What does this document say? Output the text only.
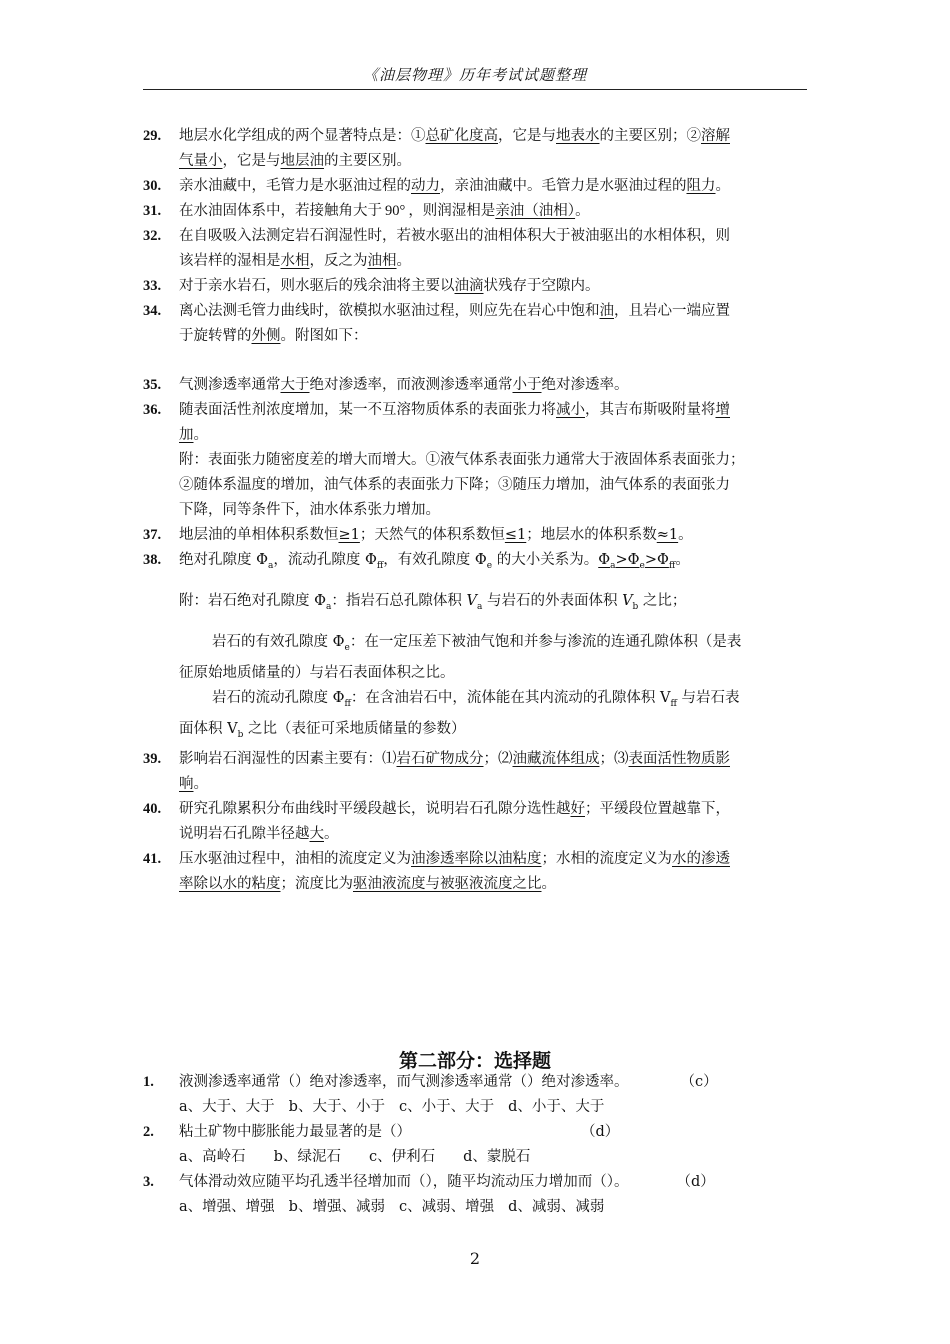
《油层物理》历年考试试题整理
29. 地层水化学组成的两个显著特点是：①总矿化度高，它是与地表水的主要区别；②溶解
气量小，它是与地层油的主要区别。
30. 亲水油藏中，毛管力是水驱油过程的动力，亲油油藏中。毛管力是水驱油过程的阻力。
31. 在水油固体系中，若接触角大于 90° ，则润湿相是亲油（油相）。
32. 在自吸吸入法测定岩石润湿性时，若被水驱出的油相体积大于被油驱出的水相体积，则
该岩样的湿相是水相，反之为油相。
33. 对于亲水岩石，则水驱后的残余油将主要以油滴状残存于空隙内。
34. 离心法测毛管力曲线时，欲模拟水驱油过程，则应先在岩心中饱和油，且岩心一端应置
于旋转臂的外侧。附图如下：
35. 气测渗透率通常大于绝对渗透率，而液测渗透率通常小于绝对渗透率。
36. 随表面活性剂浓度增加，某一不互溶物质体系的表面张力将减小，其吉布斯吸附量将增
加。
附：表面张力随密度差的增大而增大。①液气体系表面张力通常大于液固体系表面张力；
②随体系温度的增加，油气体系的表面张力下降；③随压力增加，油气体系的表面张力
下降，同等条件下，油水体系张力增加。
37. 地层油的单相体积系数恒≥1；天然气的体积系数恒≤1；地层水的体积系数≈1。
38. 绝对孔隙度 $\Phi_a$，流动孔隙度 $\Phi_{ff}$，有效孔隙度 $\Phi_e$ 的大小关系为。$\Phi_a>\Phi_e>\Phi_{ff}$。
附：岩石绝对孔隙度 $\Phi_a$：指岩石总孔隙体积 $V_a$ 与岩石的外表面体积 $V_b$ 之比；
岩石的有效孔隙度 $\Phi_e$：在一定压差下被油气饱和并参与渗流的连通孔隙体积（是表
征原始地质储量的）与岩石表面体积之比。
岩石的流动孔隙度 $\Phi_{ff}$：在含油岩石中，流体能在其内流动的孔隙体积 $V_{ff}$ 与岩石表
面体积 $V_b$ 之比（表征可采地质储量的参数）
39. 影响岩石润湿性的因素主要有：⑴岩石矿物成分；⑵油藏流体组成；⑶表面活性物质影
响。
40. 研究孔隙累积分布曲线时平缓段越长，说明岩石孔隙分选性越好；平缓段位置越靠下，
说明岩石孔隙半径越大。
41. 压水驱油过程中，油相的流度定义为油渗透率除以油粘度；水相的流度定义为水的渗透
率除以水的粘度；流度比为驱油液流度与被驱液流度之比。
第二部分：选择题
1. 液测渗透率通常（）绝对渗透率，而气测渗透率通常（）绝对渗透率。	（c）
a、大于、大于 b、大于、小于 c、小于、大于 d、小于、大于
2. 粘土矿物中膨胀能力最显著的是（）	（d）
a、高岭石 b、绿泥石 c、伊利石 d、蒙脱石
3. 气体滑动效应随平均孔透半径增加而（），随平均流动压力增加而（）。	（d）
a、增强、增强 b、增强、减弱 c、减弱、增强 d、减弱、减弱
2
